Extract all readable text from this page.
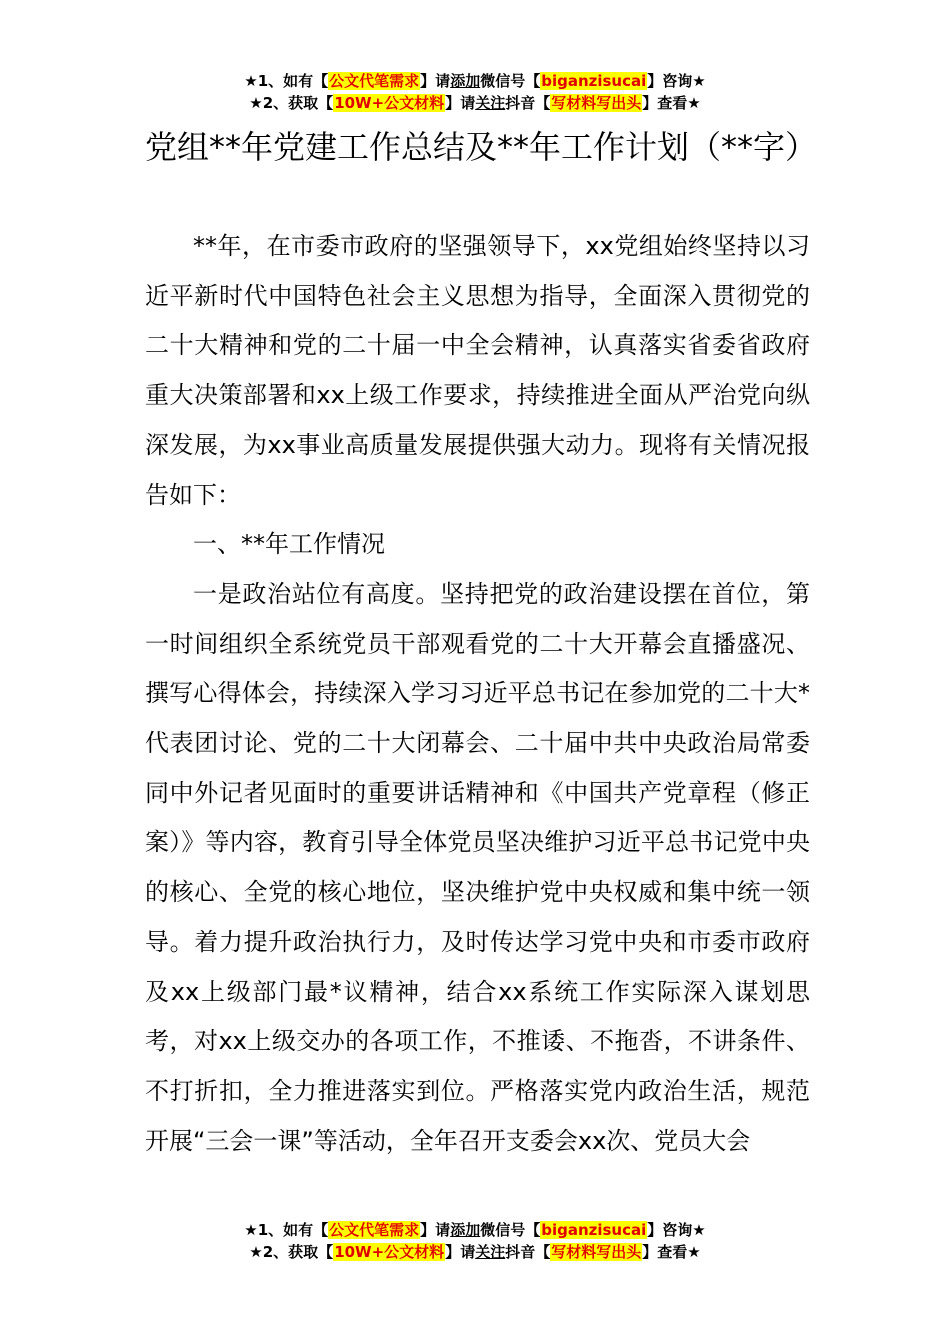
★1、如有【公文代笔需求】请添加微信号【biganzisucai】咨询★
★2、获取【10W+公文材料】请关注抖音【写材料写出头】查看★
党组**年党建工作总结及**年工作计划（**字）

**年，在市委市政府的坚强领导下，xx党组始终坚持以习近平新时代中国特色社会主义思想为指导，全面深入贯彻党的二十大精神和党的二十届一中全会精神，认真落实省委省政府重大决策部署和xx上级工作要求，持续推进全面从严治党向纵深发展，为xx事业高质量发展提供强大动力。现将有关情况报告如下：

一、**年工作情况

一是政治站位有高度。坚持把党的政治建设摆在首位，第一时间组织全系统党员干部观看党的二十大开幕会直播盛况、撰写心得体会，持续深入学习习近平总书记在参加党的二十大*代表团讨论、党的二十大闭幕会、二十届中共中央政治局常委同中外记者见面时的重要讲话精神和《中国共产党章程（修正案）》等内容，教育引导全体党员坚决维护习近平总书记党中央的核心、全党的核心地位，坚决维护党中央权威和集中统一领导。着力提升政治执行力，及时传达学习党中央和市委市政府及xx上级部门最*议精神，结合xx系统工作实际深入谋划思考，对xx上级交办的各项工作，不推诿、不拖沓，不讲条件、不打折扣，全力推进落实到位。严格落实党内政治生活，规范开展“三会一课”等活动，全年召开支委会xx次、党员大会

★1、如有【公文代笔需求】请添加微信号【biganzisucai】咨询★
★2、获取【10W+公文材料】请关注抖音【写材料写出头】查看★
